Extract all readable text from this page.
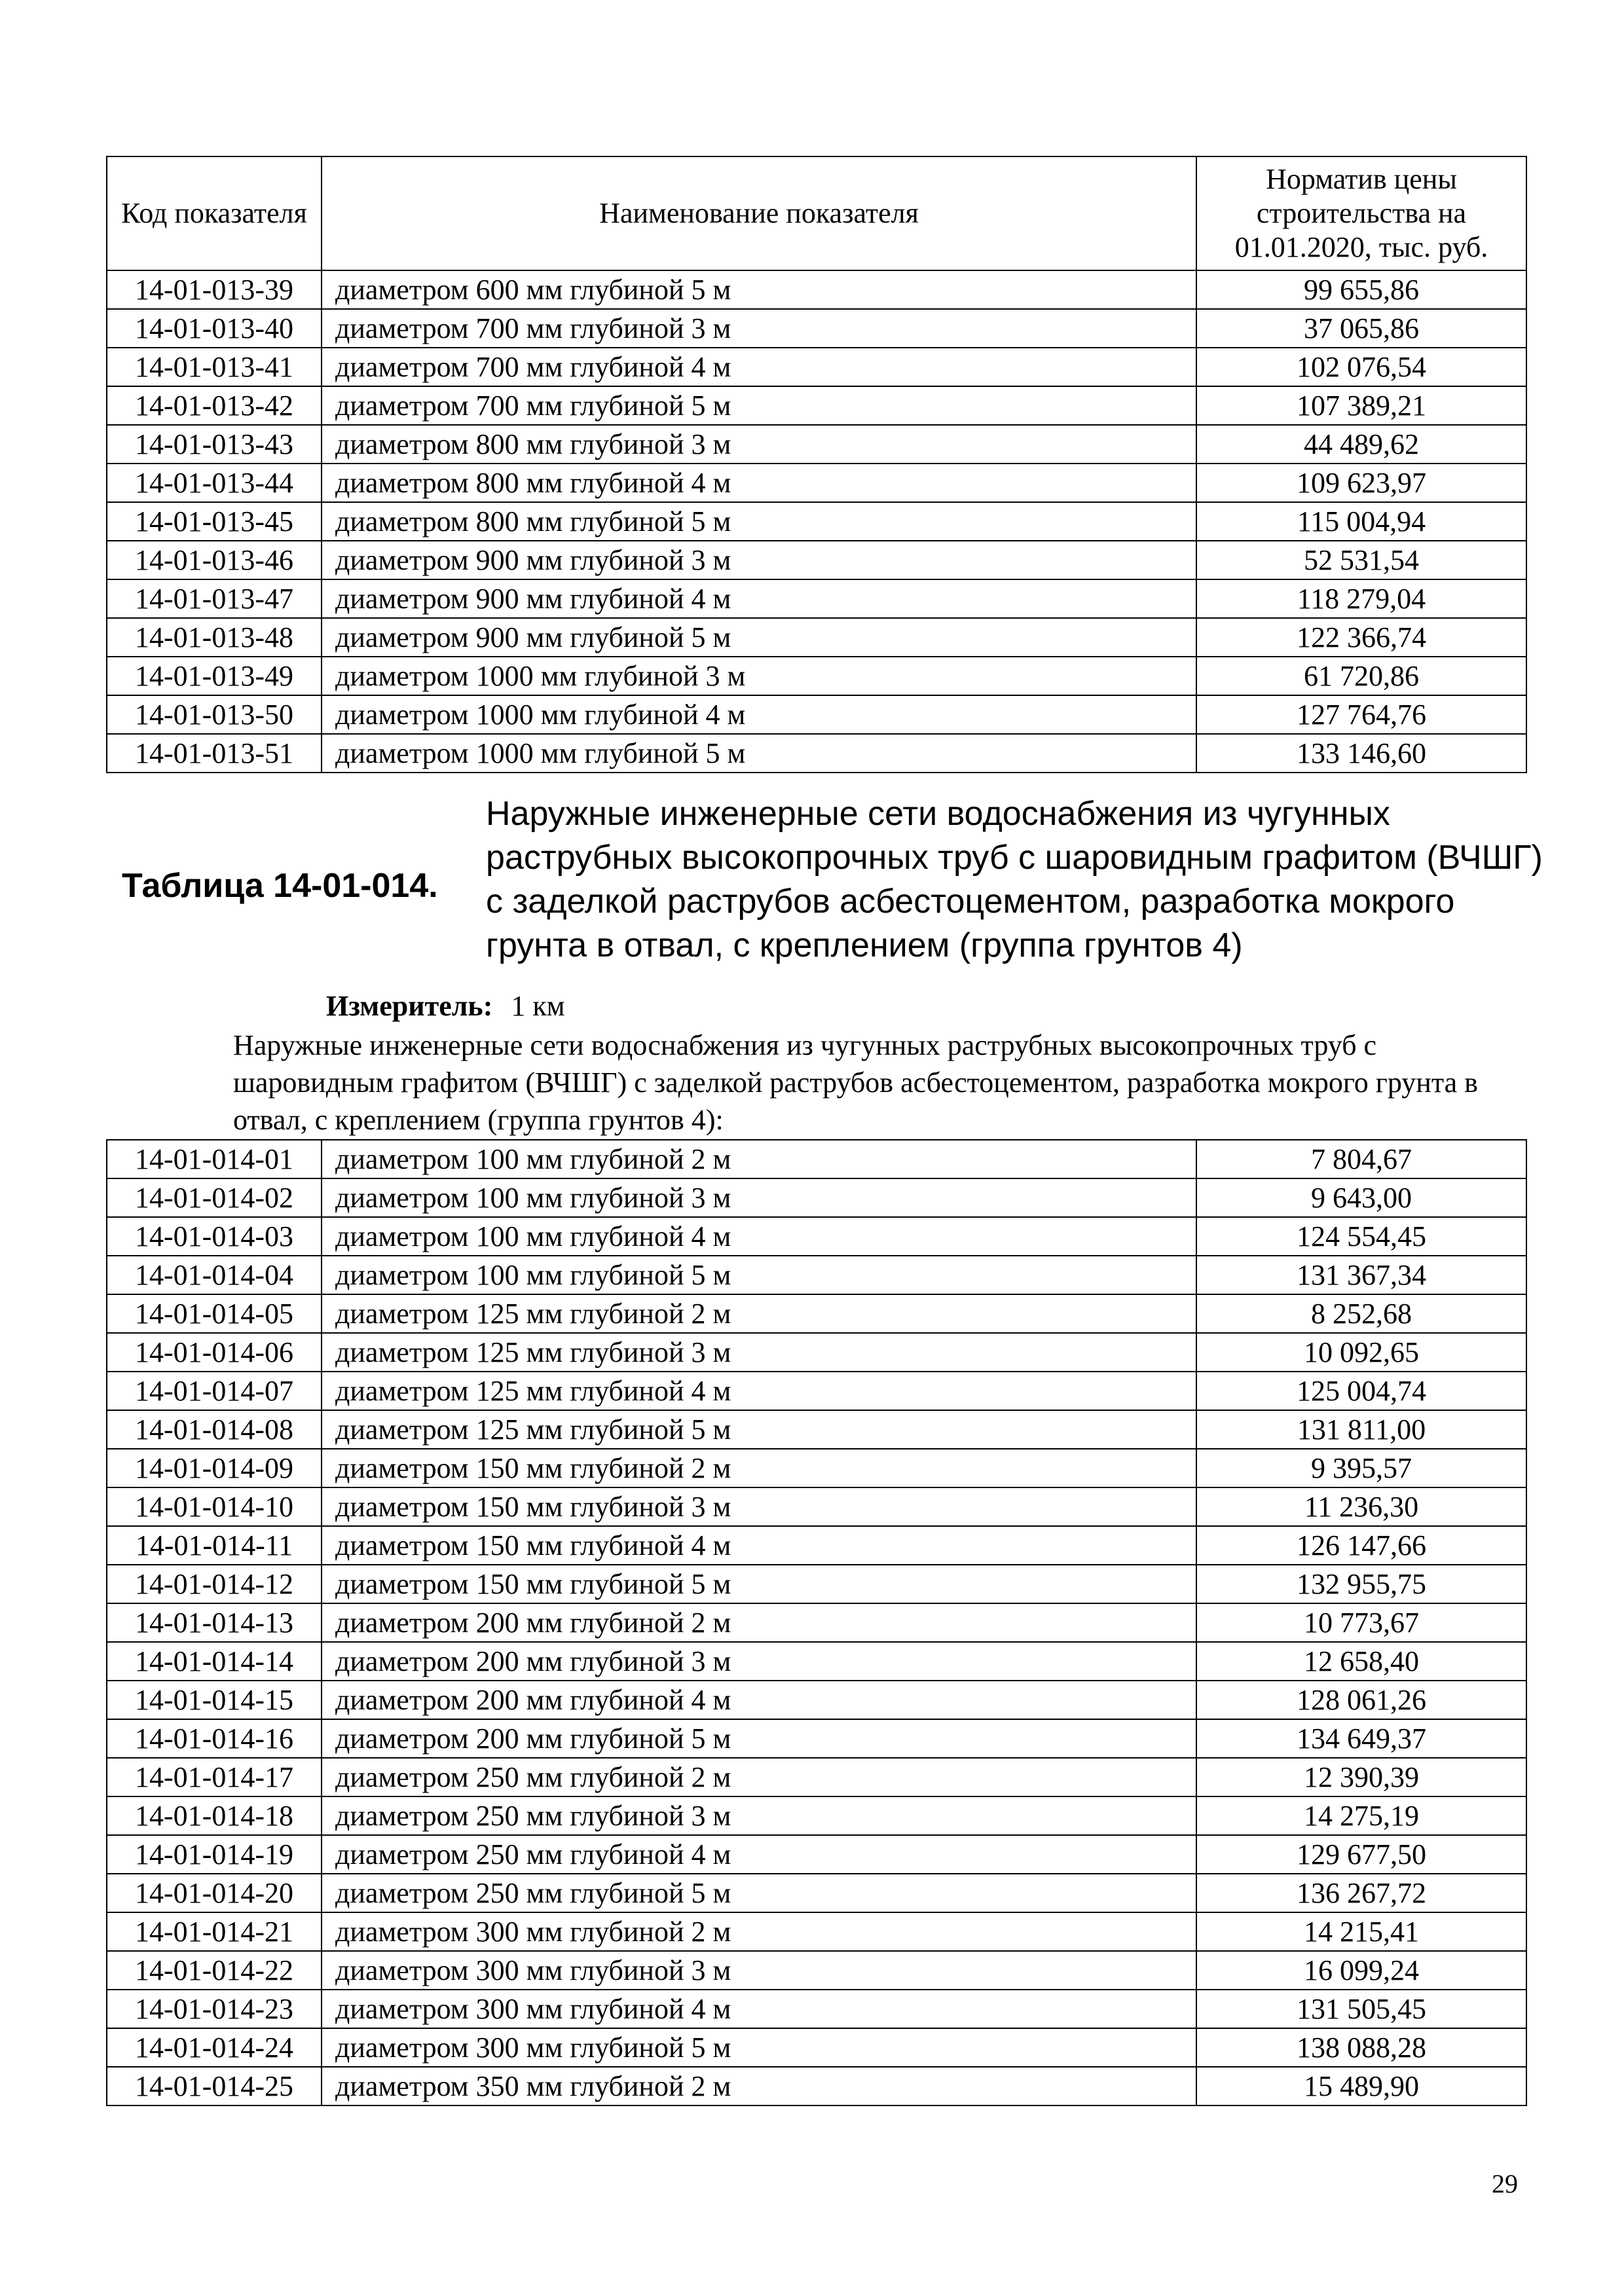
Код показателя	Наименование показателя	Норматив цены строительства на 01.01.2020, тыс. руб.
14-01-013-39	диаметром 600 мм глубиной 5 м	99 655,86
14-01-013-40	диаметром 700 мм глубиной 3 м	37 065,86
14-01-013-41	диаметром 700 мм глубиной 4 м	102 076,54
14-01-013-42	диаметром 700 мм глубиной 5 м	107 389,21
14-01-013-43	диаметром 800 мм глубиной 3 м	44 489,62
14-01-013-44	диаметром 800 мм глубиной 4 м	109 623,97
14-01-013-45	диаметром 800 мм глубиной 5 м	115 004,94
14-01-013-46	диаметром 900 мм глубиной 3 м	52 531,54
14-01-013-47	диаметром 900 мм глубиной 4 м	118 279,04
14-01-013-48	диаметром 900 мм глубиной 5 м	122 366,74
14-01-013-49	диаметром 1000 мм глубиной 3 м	61 720,86
14-01-013-50	диаметром 1000 мм глубиной 4 м	127 764,76
14-01-013-51	диаметром 1000 мм глубиной 5 м	133 146,60
Таблица 14-01-014.
Наружные инженерные сети водоснабжения из чугунных раструбных высокопрочных труб с шаровидным графитом (ВЧШГ) с заделкой раструбов асбестоцементом, разработка мокрого грунта в отвал, с креплением (группа грунтов 4)
Измеритель: 1 км
Наружные инженерные сети водоснабжения из чугунных раструбных высокопрочных труб с шаровидным графитом (ВЧШГ) с заделкой раструбов асбестоцементом, разработка мокрого грунта в отвал, с креплением (группа грунтов 4):
14-01-014-01	диаметром 100 мм глубиной 2 м	7 804,67
14-01-014-02	диаметром 100 мм глубиной 3 м	9 643,00
14-01-014-03	диаметром 100 мм глубиной 4 м	124 554,45
14-01-014-04	диаметром 100 мм глубиной 5 м	131 367,34
14-01-014-05	диаметром 125 мм глубиной 2 м	8 252,68
14-01-014-06	диаметром 125 мм глубиной 3 м	10 092,65
14-01-014-07	диаметром 125 мм глубиной 4 м	125 004,74
14-01-014-08	диаметром 125 мм глубиной 5 м	131 811,00
14-01-014-09	диаметром 150 мм глубиной 2 м	9 395,57
14-01-014-10	диаметром 150 мм глубиной 3 м	11 236,30
14-01-014-11	диаметром 150 мм глубиной 4 м	126 147,66
14-01-014-12	диаметром 150 мм глубиной 5 м	132 955,75
14-01-014-13	диаметром 200 мм глубиной 2 м	10 773,67
14-01-014-14	диаметром 200 мм глубиной 3 м	12 658,40
14-01-014-15	диаметром 200 мм глубиной 4 м	128 061,26
14-01-014-16	диаметром 200 мм глубиной 5 м	134 649,37
14-01-014-17	диаметром 250 мм глубиной 2 м	12 390,39
14-01-014-18	диаметром 250 мм глубиной 3 м	14 275,19
14-01-014-19	диаметром 250 мм глубиной 4 м	129 677,50
14-01-014-20	диаметром 250 мм глубиной 5 м	136 267,72
14-01-014-21	диаметром 300 мм глубиной 2 м	14 215,41
14-01-014-22	диаметром 300 мм глубиной 3 м	16 099,24
14-01-014-23	диаметром 300 мм глубиной 4 м	131 505,45
14-01-014-24	диаметром 300 мм глубиной 5 м	138 088,28
14-01-014-25	диаметром 350 мм глубиной 2 м	15 489,90
29
